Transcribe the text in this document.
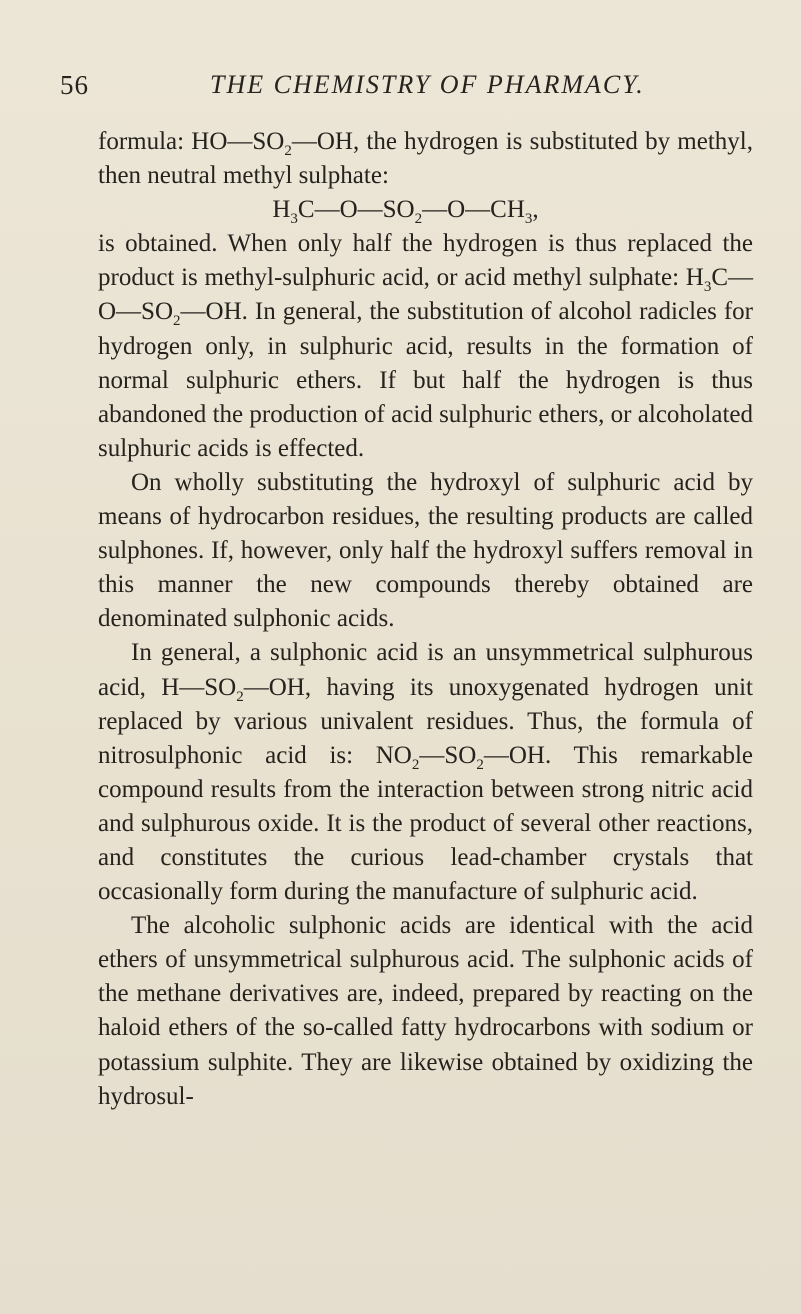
56	THE CHEMISTRY OF PHARMACY.

formula: $HO—SO_2—OH$, the hydrogen is substituted by methyl, then neutral methyl sulphate:

$H_3C—O—SO_2—O—CH_3$,

is obtained. When only half the hydrogen is thus replaced the product is methyl-sulphuric acid, or acid methyl sulphate: $H_3C—O—SO_2—OH$. In general, the substitution of alcohol radicles for hydrogen only, in sulphuric acid, results in the formation of normal sulphuric ethers. If but half the hydrogen is thus abandoned the production of acid sulphuric ethers, or alcoholated sulphuric acids is effected.

On wholly substituting the hydroxyl of sulphuric acid by means of hydrocarbon residues, the resulting products are called sulphones. If, however, only half the hydroxyl suffers removal in this manner the new compounds thereby obtained are denominated sulphonic acids.

In general, a sulphonic acid is an unsymmetrical sulphurous acid, $H—SO_2—OH$, having its unoxygenated hydrogen unit replaced by various univalent residues. Thus, the formula of nitrosulphonic acid is: $NO_2—SO_2—OH$. This remarkable compound results from the interaction between strong nitric acid and sulphurous oxide. It is the product of several other reactions, and constitutes the curious lead-chamber crystals that occasionally form during the manufacture of sulphuric acid.

The alcoholic sulphonic acids are identical with the acid ethers of unsymmetrical sulphurous acid. The sulphonic acids of the methane derivatives are, indeed, prepared by reacting on the haloid ethers of the so-called fatty hydrocarbons with sodium or potassium sulphite. They are likewise obtained by oxidizing the hydrosul-
